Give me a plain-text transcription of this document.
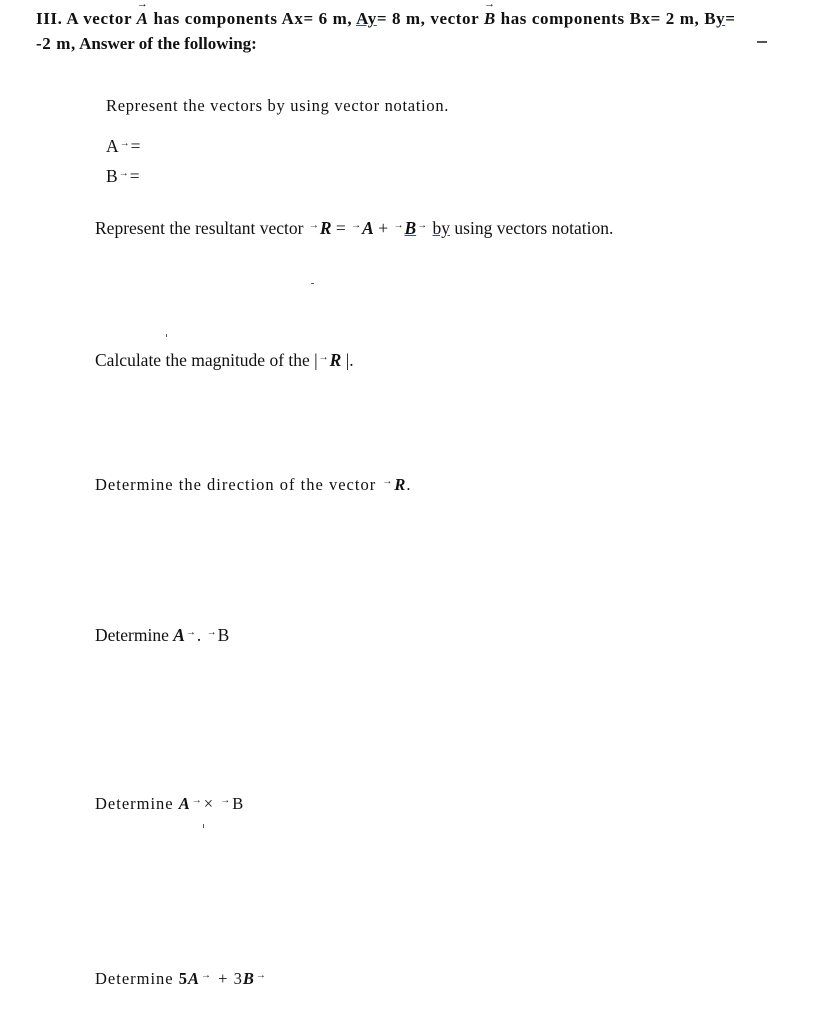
III. A vector → A has components Ax= 6 m, Ay= 8 m, vector → B has components Bx= 2 m, By=
-2 m, Answer of the following:
Represent the vectors by using vector notation.
A→=
B→=
Represent the resultant vector →R = →A + →B→ by using vectors notation.
Calculate the magnitude of the |→R |.
Determine the direction of the vector →R.
Determine A→. →B
Determine A→× →B
Determine 5A→ + 3B→
